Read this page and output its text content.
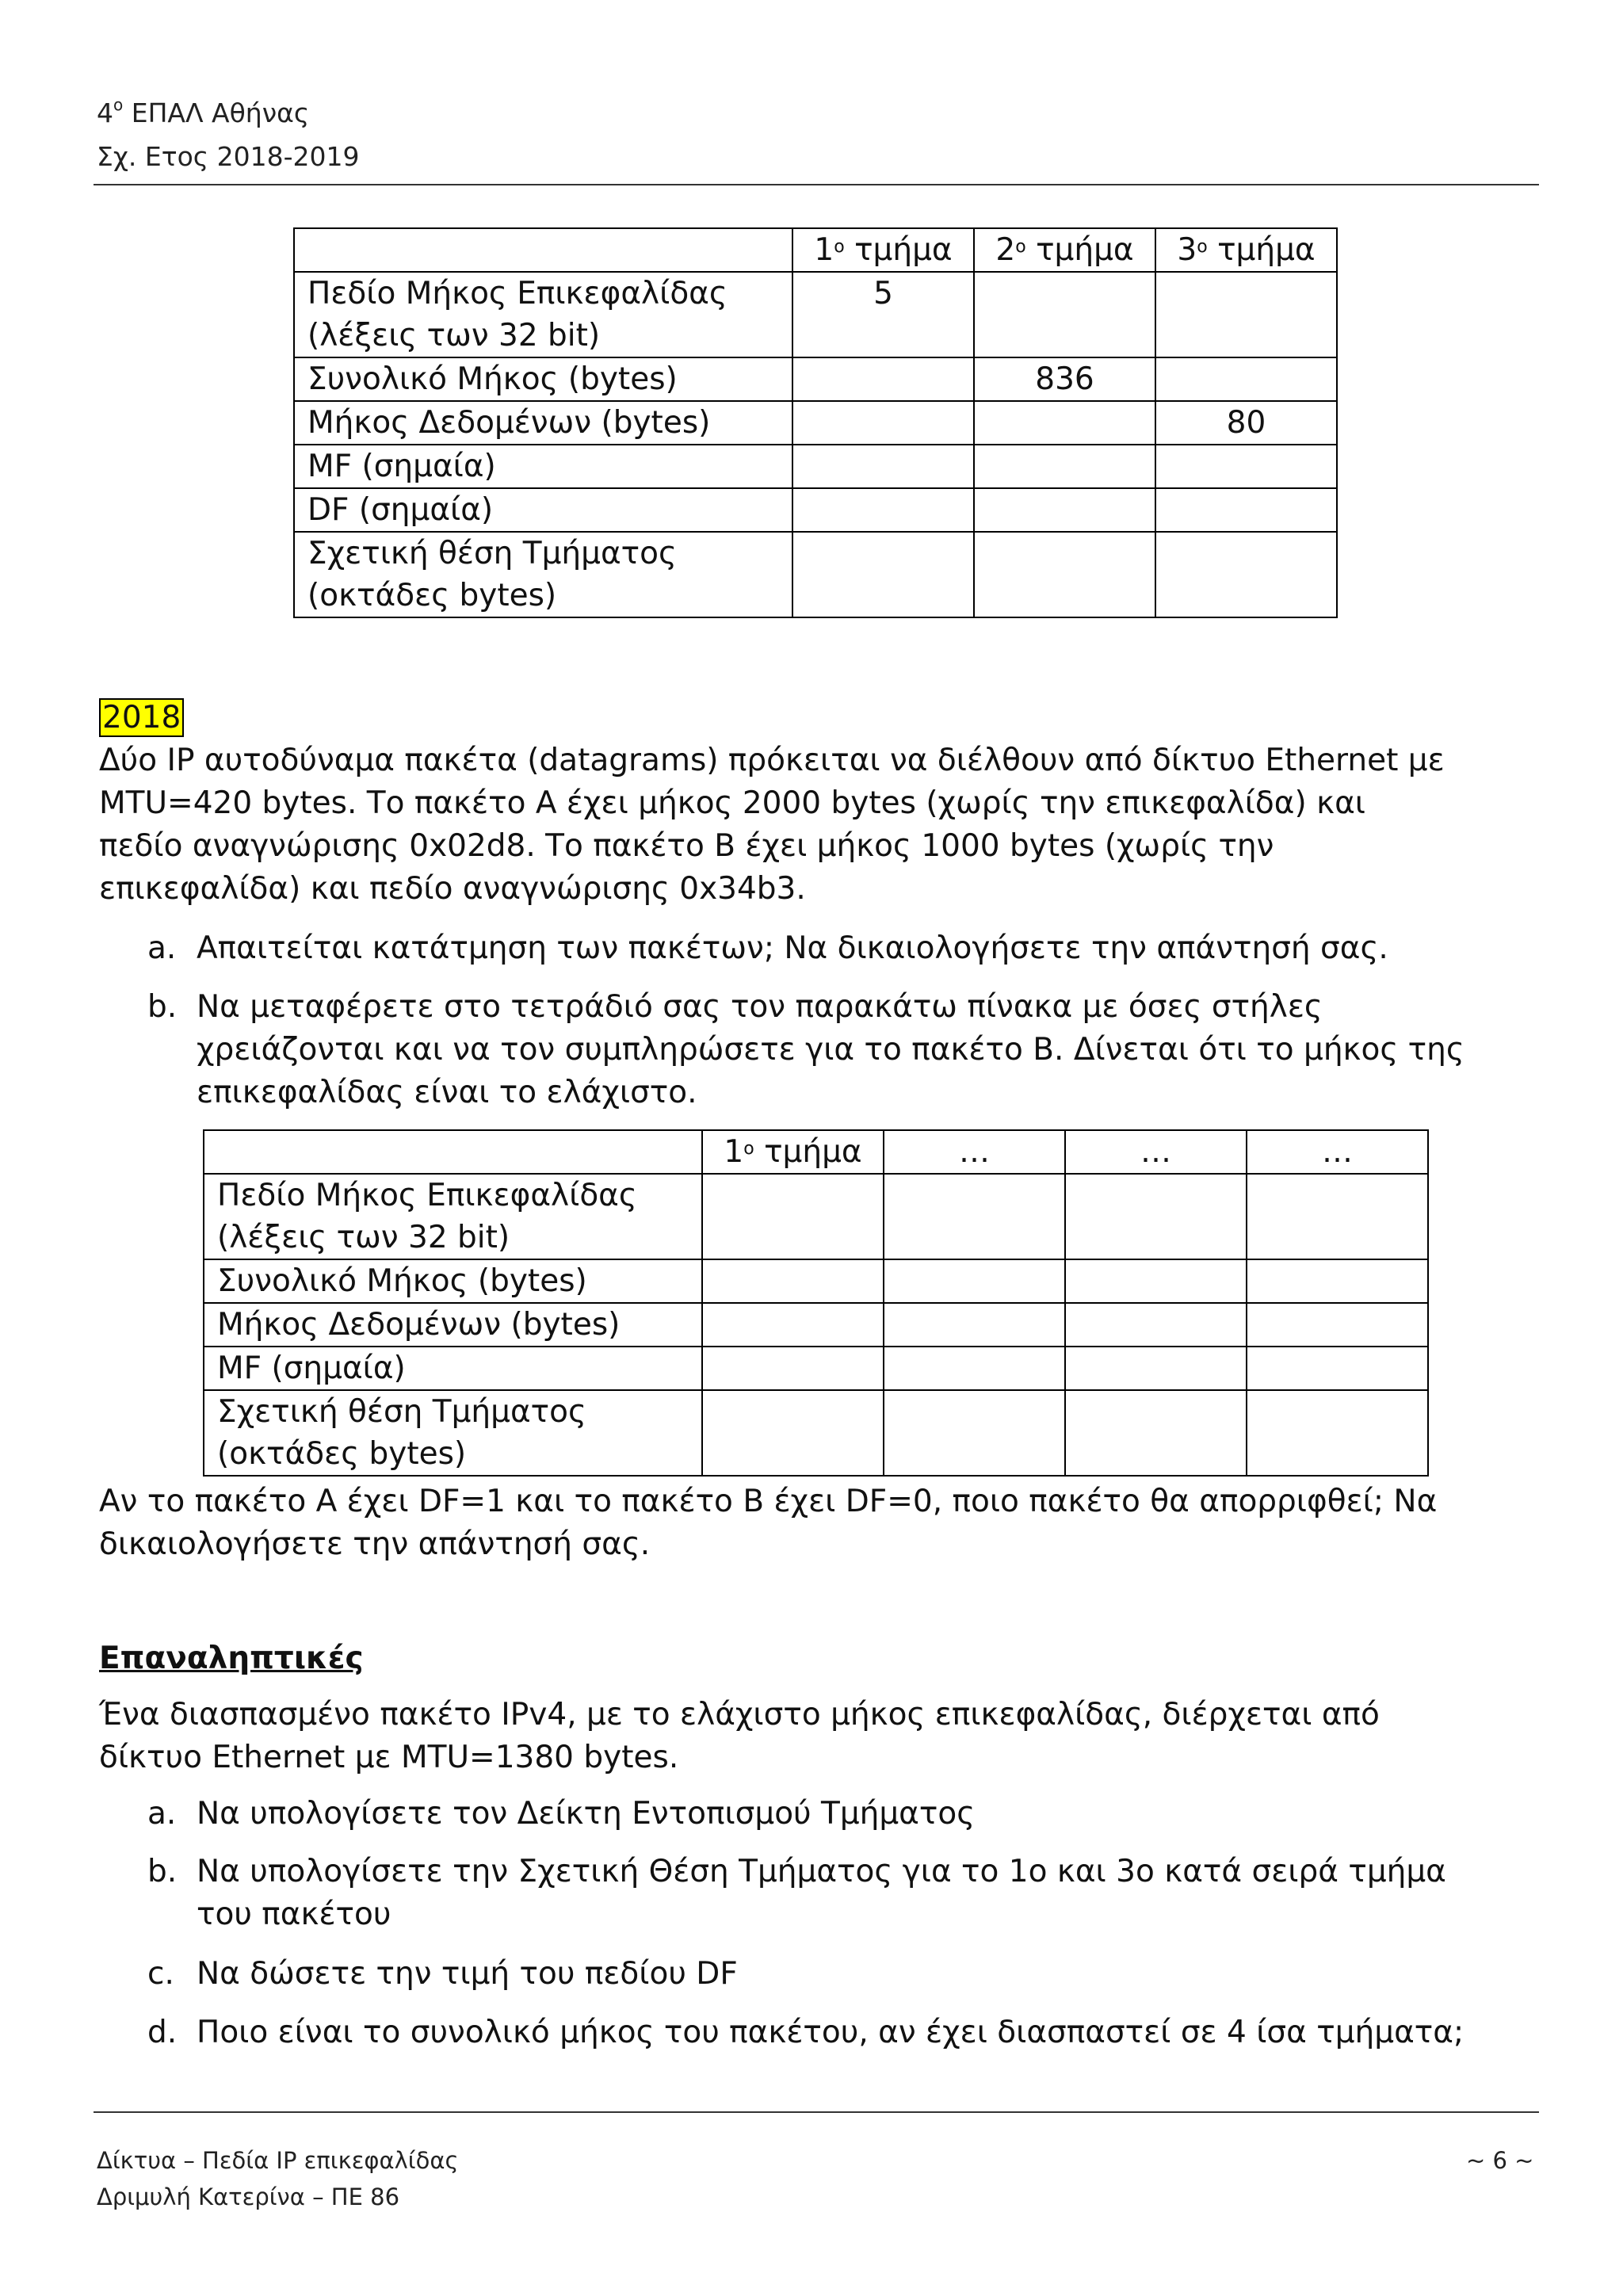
$4^o$ ΕΠΑΛ Αθήνας
Σχ. Ετος 2018-2019
	$1^o$ τμήμα	$2^o$ τμήμα	$3^o$ τμήμα

Πεδίο Μήκος Επικεφαλίδας
(λέξεις των 32 bit)	5		
Συνολικό Μήκος (bytes)		836	
Μήκος Δεδομένων (bytes)			80
MF (σημαία)			
DF (σημαία)			

Σχετική θέση Τμήματος
(οκτάδες bytes)			

2018

Δύο IP αυτοδύναμα πακέτα (datagrams) πρόκειται να διέλθουν από δίκτυο Ethernet με MTU=420 bytes. Το πακέτο Α έχει μήκος 2000 bytes (χωρίς την επικεφαλίδα) και πεδίο αναγνώρισης 0x02d8. Το πακέτο Β έχει μήκος 1000 bytes (χωρίς την επικεφαλίδα) και πεδίο αναγνώρισης 0x34b3.

a. Απαιτείται κατάτμηση των πακέτων; Να δικαιολογήσετε την απάντησή σας.
b. Να μεταφέρετε στο τετράδιό σας τον παρακάτω πίνακα με όσες στήλες χρειάζονται και να τον συμπληρώσετε για το πακέτο Β. Δίνεται ότι το μήκος της επικεφαλίδας είναι το ελάχιστο.
	$1^o$ τμήμα	…	…	…

Πεδίο Μήκος Επικεφαλίδας
(λέξεις των 32 bit)				

Συνολικό Μήκος (bytes)				
Μήκος Δεδομένων (bytes)				
MF (σημαία)				

Σχετική θέση Τμήματος
(οκτάδες bytes)				

Αν το πακέτο Α έχει DF=1 και το πακέτο Β έχει DF=0, ποιο πακέτο θα απορριφθεί; Να δικαιολογήσετε την απάντησή σας.

Επαναληπτικές

Ένα διασπασμένο πακέτο IPv4, με το ελάχιστο μήκος επικεφαλίδας, διέρχεται από δίκτυο Ethernet με MTU=1380 bytes.

a. Να υπολογίσετε τον Δείκτη Εντοπισμού Τμήματος
b. Να υπολογίσετε την Σχετική Θέση Τμήματος για το 1ο και 3ο κατά σειρά τμήμα του πακέτου
c. Να δώσετε την τιμή του πεδίου DF
d. Ποιο είναι το συνολικό μήκος του πακέτου, αν έχει διασπαστεί σε 4 ίσα τμήματα;
Δίκτυα – Πεδία IP επικεφαλίδας
Δριμυλή Κατερίνα – ΠΕ 86
~ 6 ~
